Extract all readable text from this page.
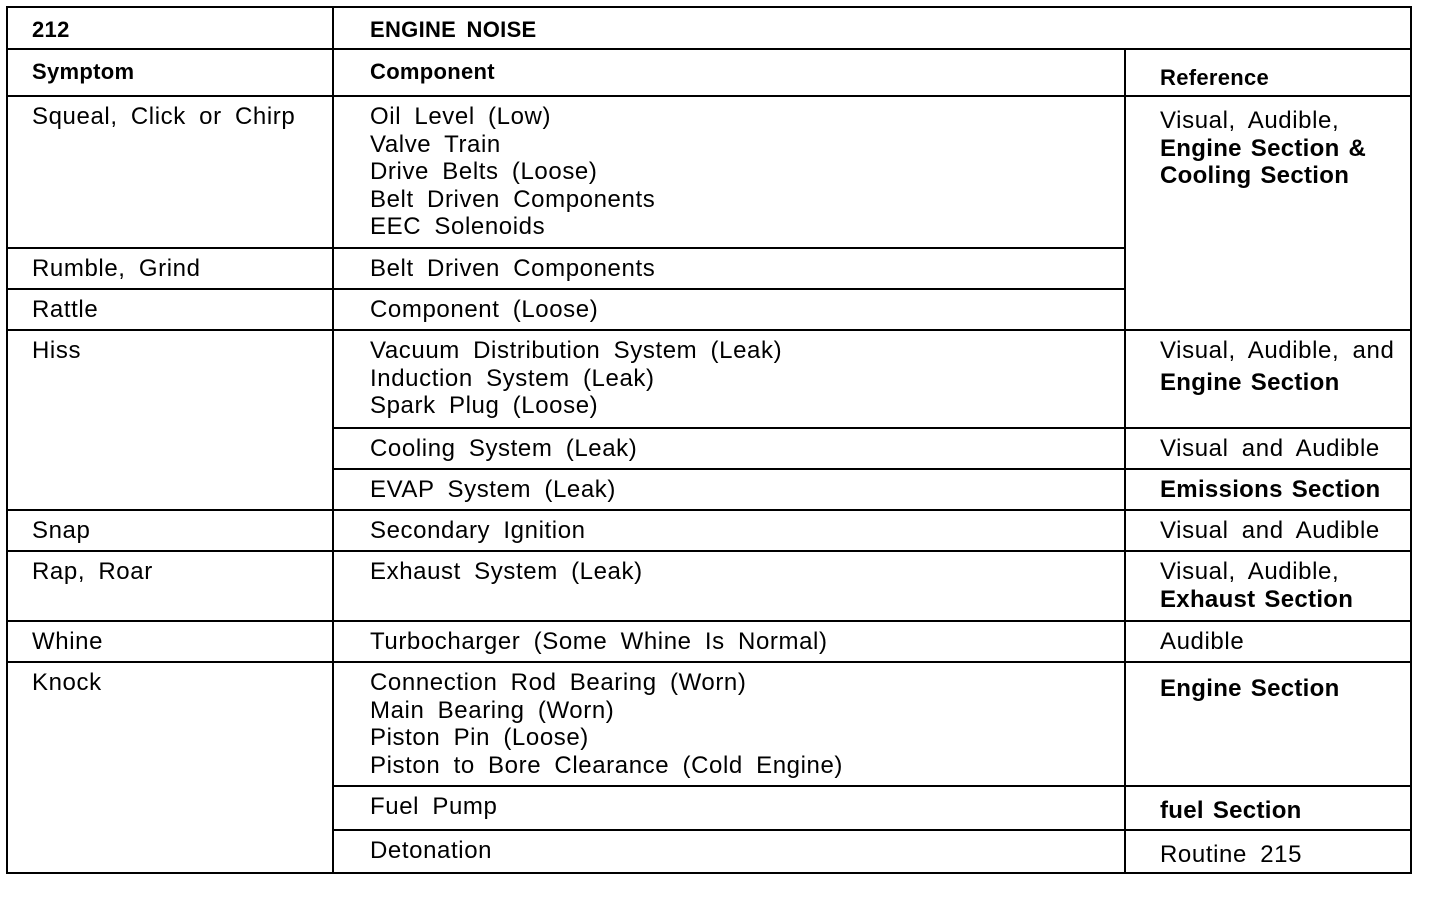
212	ENGINE NOISE	
Symptom	Component	Reference

Squeal, Click or Chirp	Oil Level (Low)
Valve Train
Drive Belts (Loose)
Belt Driven Components
EEC Solenoids	Visual, Audible,
Engine Section &
Cooling Section

Rumble, Grind	Belt Driven Components	

Rattle	Component (Loose)	

Hiss	Vacuum Distribution System (Leak)
Induction System (Leak)
Spark Plug (Loose)	Visual, Audible, and
Engine Section

	Cooling System (Leak)	Visual and Audible

	EVAP System (Leak)	Emissions Section

Snap	Secondary Ignition	Visual and Audible

Rap, Roar	Exhaust System (Leak)	Visual, Audible,
Exhaust Section

Whine	Turbocharger (Some Whine Is Normal)	Audible

Knock	Connection Rod Bearing (Worn)
Main Bearing (Worn)
Piston Pin (Loose)
Piston to Bore Clearance (Cold Engine)	Engine Section

	Fuel Pump	fuel Section

	Detonation	Routine 215
